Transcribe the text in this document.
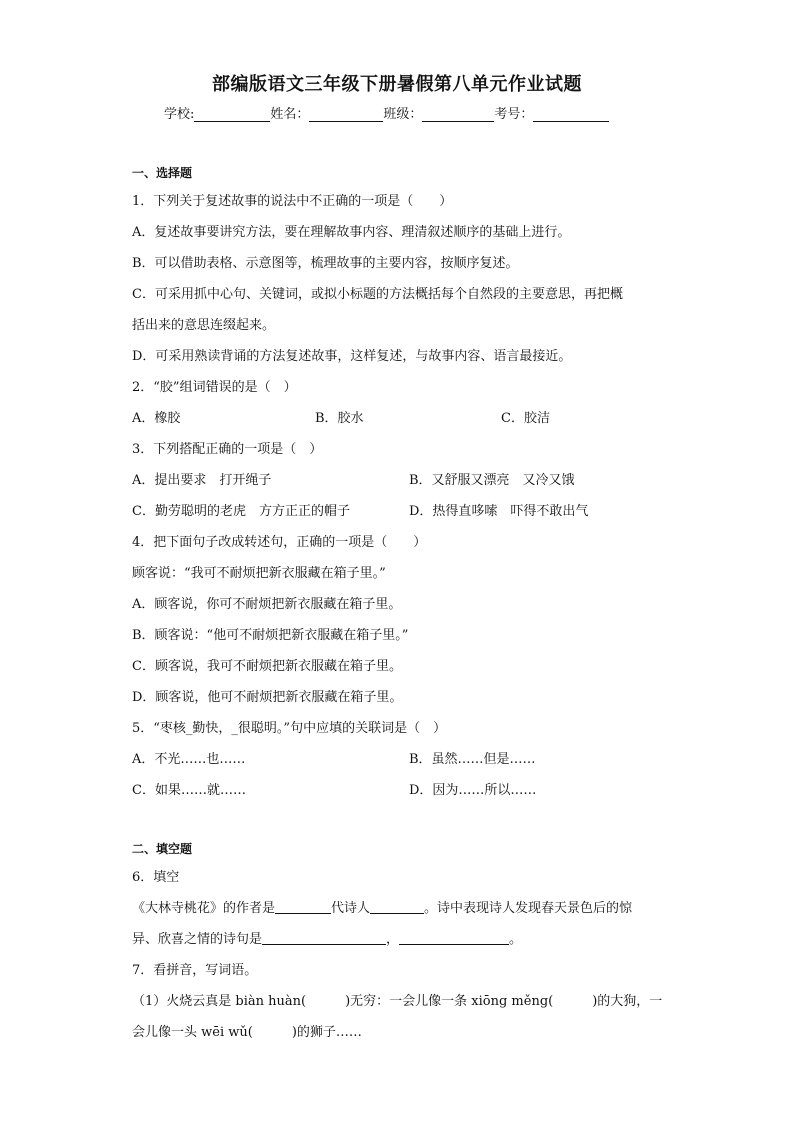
部编版语文三年级下册暑假第八单元作业试题
学校:	姓名：	班级：	考号：
一、选择题
1．下列关于复述故事的说法中不正确的一项是（　　）
A．复述故事要讲究方法，要在理解故事内容、理清叙述顺序的基础上进行。
B．可以借助表格、示意图等，梳理故事的主要内容，按顺序复述。
C．可采用抓中心句、关键词，或拟小标题的方法概括每个自然段的主要意思，再把概
括出来的意思连缀起来。
D．可采用熟读背诵的方法复述故事，这样复述，与故事内容、语言最接近。
2．“胶”组词错误的是（　）
A．橡胶	B．胶水	C．胶洁
3．下列搭配正确的一项是（　）
A．提出要求　打开绳子	B．又舒服又漂亮　又冷又饿
C．勤劳聪明的老虎　方方正正的帽子	D．热得直哆嗦　吓得不敢出气
4．把下面句子改成转述句，正确的一项是（　　）
顾客说：“我可不耐烦把新衣服藏在箱子里。”
A．顾客说，你可不耐烦把新衣服藏在箱子里。
B．顾客说：“他可不耐烦把新衣服藏在箱子里。”
C．顾客说，我可不耐烦把新衣服藏在箱子里。
D．顾客说，他可不耐烦把新衣服藏在箱子里。
5．“枣核_勤快，_很聪明。”句中应填的关联词是（　）
A．不光……也……	B．虽然……但是……
C．如果……就……	D．因为……所以……
二、填空题
6．填空
《大林寺桃花》的作者是	代诗人	。诗中表现诗人发现春天景色后的惊
异、欣喜之情的诗句是	，	。
7．看拼音，写词语。
（1）火烧云真是 biàn huàn(　　　)无穷：一会儿像一条 xiōng měng(　　　)的大狗，一
会儿像一头 wēi wǔ(　　　)的狮子……
